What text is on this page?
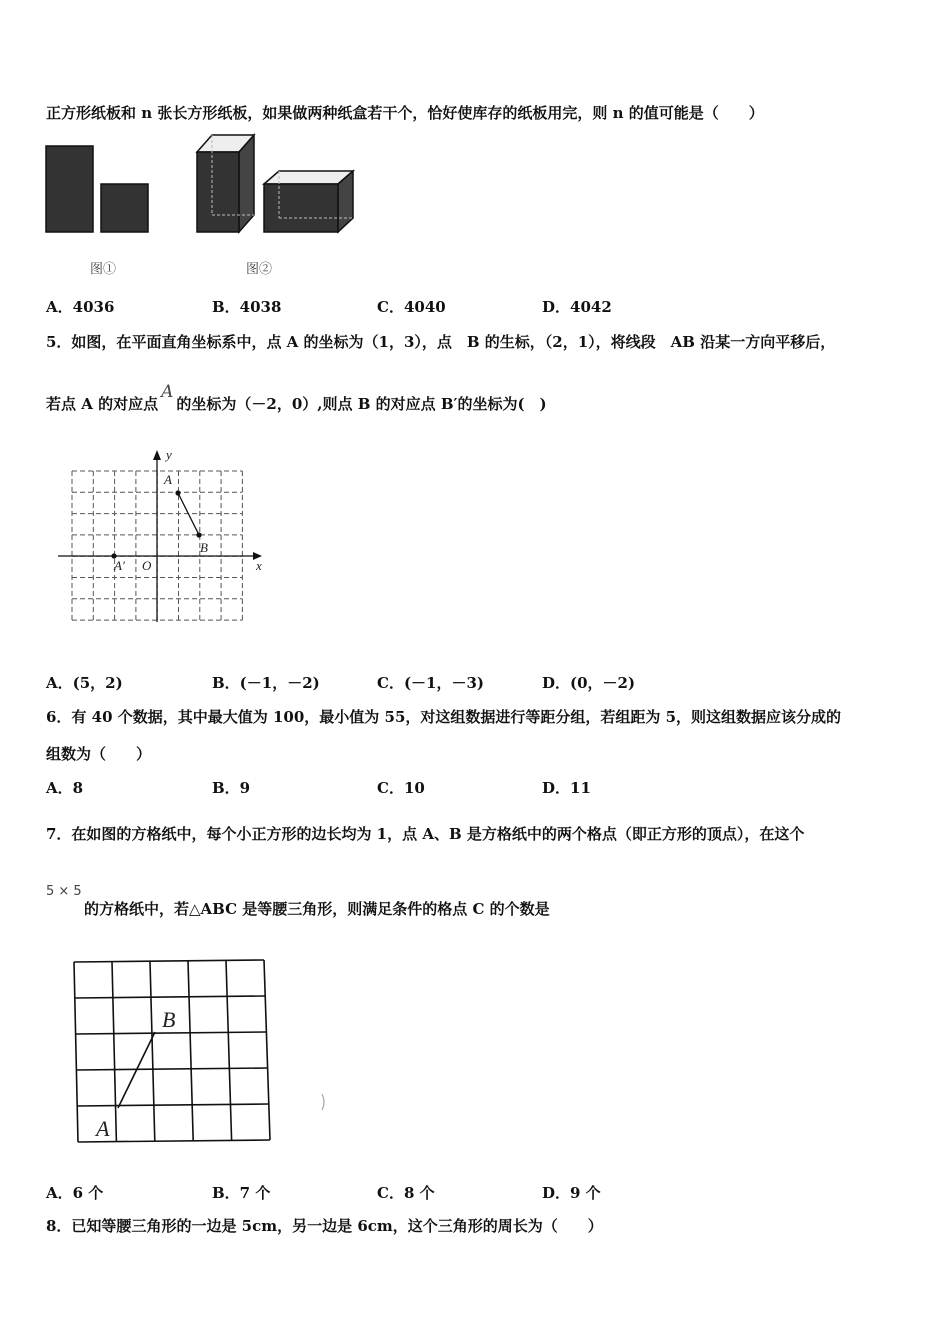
正方形纸板和 n 张长方形纸板，如果做两种纸盒若干个，恰好使库存的纸板用完，则 n 的值可能是（　　）
图①	图②
A．4036	B．4038	C．4040	D．4042
5．如图，在平面直角坐标系中，点 A 的坐标为（1，3），点　B 的生标，（2，1），将线段　AB 沿某一方向平移后，
若点 A 的对应点A的坐标为（－2，0）,则点 B 的对应点 B′的坐标为(　)
y
x
O
A
B
A′
A．(5，2)	B．(－1，－2)	C．(－1，－3)	D．(0，－2)
6．有 40 个数据，其中最大值为 100，最小值为 55，对这组数据进行等距分组，若组距为 5，则这组数据应该分成的
组数为（　　）
A．8	B．9	C．10	D．11
7．在如图的方格纸中，每个小正方形的边长均为 1，点 A、B 是方格纸中的两个格点（即正方形的顶点），在这个
5 × 5
的方格纸中，若△ABC 是等腰三角形，则满足条件的格点 C 的个数是
A
B
A．6 个	B．7 个	C．8 个	D．9 个
8．已知等腰三角形的一边是 5cm，另一边是 6cm，这个三角形的周长为（　　）
